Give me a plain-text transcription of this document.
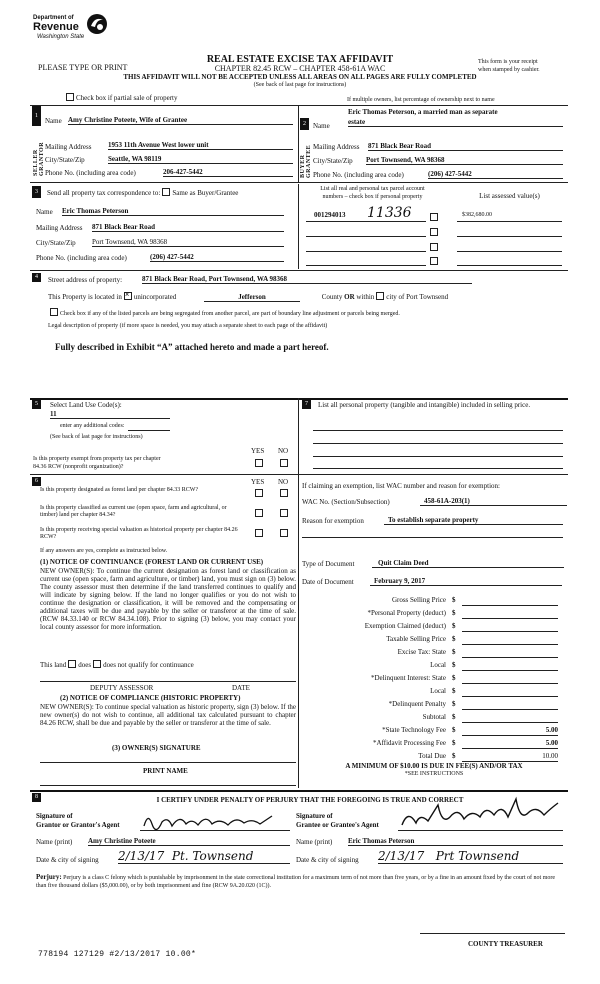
Department of
Revenue
Washington State
REAL ESTATE EXCISE TAX AFFIDAVIT
PLEASE TYPE OR PRINT	CHAPTER 82.45 RCW – CHAPTER 458-61A WAC
This form is your receipt
when stamped by cashier.
THIS AFFIDAVIT WILL NOT BE ACCEPTED UNLESS ALL AREAS ON ALL PAGES ARE FULLY COMPLETED
(See back of last page for instructions)
Check box if partial sale of property	If multiple owners, list percentage of ownership next to name
1
SELLER GRANTOR
Name Amy Christine Poteete, Wife of Grantee
Mailing Address 1953 11th Avenue West lower unit
City/State/Zip	Seattle, WA 98119
Phone No. (including area code)	206-427-5442
2
BUYER GRANTEE
Eric Thomas Peterson, a married man as separate
Name	estate
Mailing Address 871 Black Bear Road
City/State/Zip Port Townsend, WA 98368
Phone No. (including area code)	(206) 427-5442
3	Send all property tax correspondence to: Same as Buyer/Grantee
Name Eric Thomas Peterson
Mailing Address 871 Black Bear Road
City/State/Zip Port Townsend, WA 98368
Phone No. (including area code)	(206) 427-5442
List all real and personal tax parcel account
numbers – check box if personal property	List assessed value(s)
001294013 11336	$382,680.00
4	Street address of property:	871 Black Bear Road, Port Townsend, WA 98368
This Property is located in× unincorporated	Jefferson	County OR within city of Port Townsend
Check box if any of the listed parcels are being segregated from another parcel, are part of boundary line adjustment or parcels being merged.
Legal description of property (if more space is needed, you may attach a separate sheet to each page of the affidavit)
Fully described in Exhibit “A” attached hereto and made a part hereof.
5	Select Land Use Code(s):
11
enter any additional codes:
(See back of last page for instructions)
YES NO
Is this property exempt from property tax per chapter
84.36 RCW (nonprofit organization)?
7	List all personal property (tangible and intangible) included in selling price.
6	YES NO
Is this property designated as forest land per chapter 84.33 RCW?
Is this property classified as current use (open space, farm and agricultural, or timber) land per chapter 84.34?
Is this property receiving special valuation as historical property per chapter 84.26 RCW?
If any answers are yes, complete as instructed below.
(1) NOTICE OF CONTINUANCE (FOREST LAND OR CURRENT USE)
NEW OWNER(S): To continue the current designation as forest land or classification as current use (open space, farm and agriculture, or timber) land, you must sign on (3) below. The county assessor must then determine if the land transferred continues to qualify and will indicate by signing below. If the land no longer qualifies or you do not wish to continue the designation or classification, it will be removed and the compensating or additional taxes will be due and payable by the seller or transferor at the time of sale. (RCW 84.33.140 or RCW 84.34.108). Prior to signing (3) below, you may contact your local county assessor for more information.
This land does does not qualify for continuance
DEPUTY ASSESSOR	DATE
(2) NOTICE OF COMPLIANCE (HISTORIC PROPERTY)
NEW OWNER(S): To continue special valuation as historic property, sign (3) below. If the new owner(s) do not wish to continue, all additional tax calculated pursuant to chapter 84.26 RCW, shall be due and payable by the seller or transferor at the time of sale.
(3) OWNER(S) SIGNATURE
PRINT NAME
If claiming an exemption, list WAC number and reason for exemption:
WAC No. (Section/Subsection)	458-61A-203(1)
Reason for exemption	To establish separate property
Type of Document	Quit Claim Deed
Date of Document	February 9, 2017
Gross Selling Price $
*Personal Property (deduct) $
Exemption Claimed (deduct) $
Taxable Selling Price $
Excise Tax: State $
Local $
*Delinquent Interest: State $
Local $
*Delinquent Penalty $
Subtotal $
*State Technology Fee $	5.00
*Affidavit Processing Fee $	5.00
Total Due $	10.00
A MINIMUM OF $10.00 IS DUE IN FEE(S) AND/OR TAX
*SEE INSTRUCTIONS
8	I CERTIFY UNDER PENALTY OF PERJURY THAT THE FOREGOING IS TRUE AND CORRECT
Signature of
Grantor or Grantor's Agent
Signature of
Grantee or Grantee's Agent
Name (print) Amy Christine Poteete	Name (print) Eric Thomas Peterson
Date & city of signing 2/13/17 Pt. Townsend	Date & city of signing 2/13/17 Prt Townsend
Perjury: Perjury is a class C felony which is punishable by imprisonment in the state correctional institution for a maximum term of not more than five years, or by a fine in an amount fixed by the court of not more than five thousand dollars ($5,000.00), or by both imprisonment and fine (RCW 9A.20.020 (1C)).
COUNTY TREASURER
778194 127129 #2/13/2017 10.00*
